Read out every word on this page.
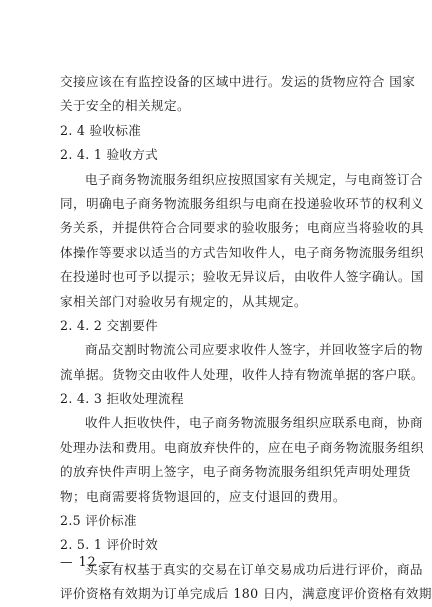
交接应该在有监控设备的区域中进行。发运的货物应符合 国家
关于安全的相关规定。
2. 4 验收标准
2. 4. 1 验收方式
电子商务物流服务组织应按照国家有关规定，与电商签订合
同，明确电子商务物流服务组织与电商在投递验收环节的权利义
务关系，并提供符合合同要求的验收服务；电商应当将验收的具
体操作等要求以适当的方式告知收件人，电子商务物流服务组织
在投递时也可予以提示；验收无异议后，由收件人签字确认。国
家相关部门对验收另有规定的，从其规定。
2. 4. 2 交割要件
商品交割时物流公司应要求收件人签字，并回收签字后的物
流单据。货物交由收件人处理，收件人持有物流单据的客户联。
2. 4. 3 拒收处理流程
收件人拒收快件，电子商务物流服务组织应联系电商，协商
处理办法和费用。电商放弃快件的，应在电子商务物流服务组织
的放弃快件声明上签字，电子商务物流服务组织凭声明处理货
物；电商需要将货物退回的，应支付退回的费用。
2.5 评价标准
2. 5. 1 评价时效
买家有权基于真实的交易在订单交易成功后进行评价，商品
评价资格有效期为订单完成后 180 日内，满意度评价资格有效期
— 12 —
